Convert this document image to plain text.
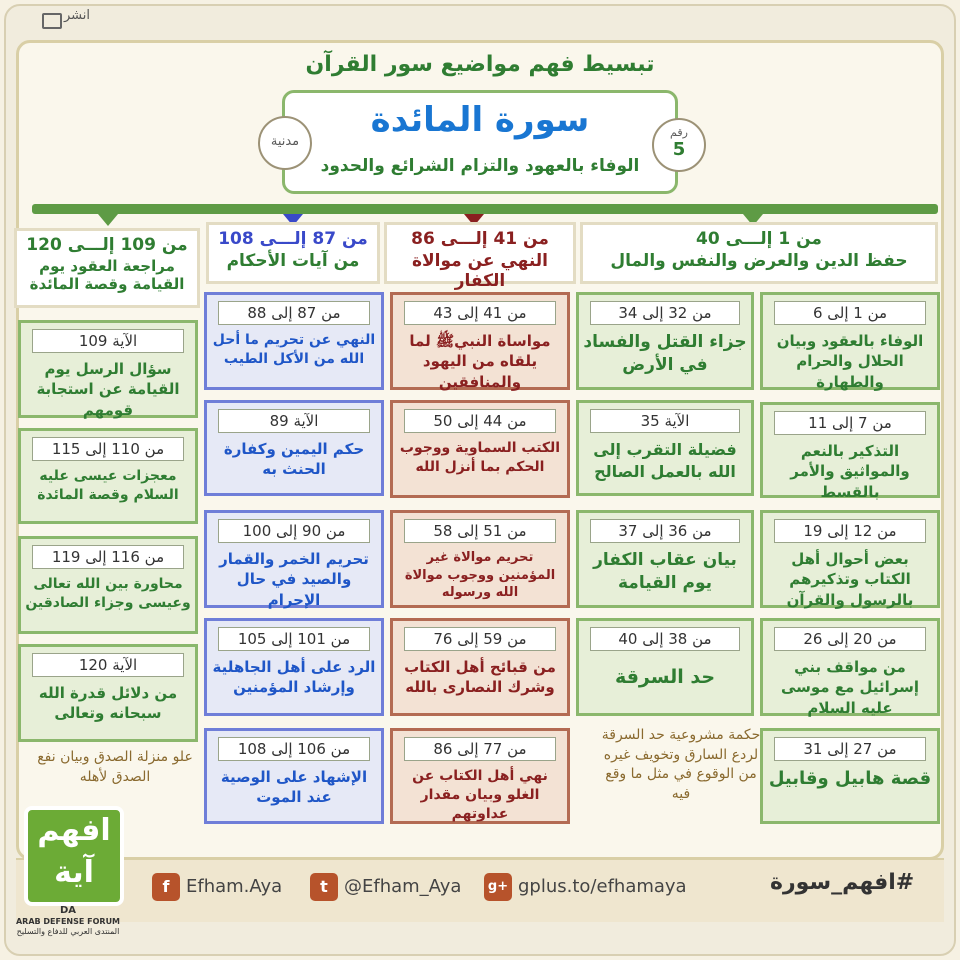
انشر
تبسيط فهم مواضيع سور القرآن
سورة المائدة
الوفاء بالعهود والتزام الشرائع والحدود
رقم
5
مدنية
من 1 إلـــى 40
حفظ الدين والعرض والنفس والمال
من 41 إلـــى 86
النهي عن موالاة الكفار
من 87 إلـــى 108
من آيات الأحكام
من 109 إلـــى 120
مراجعة العقود يوم القيامة وقصة المائدة
من 1 إلى 6
الوفاء بالعقود وبيان الحلال والحرام والطهارة
من 7 إلى 11
التذكير بالنعم والمواثيق والأمر بالقسط
من 12 إلى 19
بعض أحوال أهل الكتاب وتذكيرهم بالرسول والقرآن
من 20 إلى 26
من مواقف بني إسرائيل مع موسى عليه السلام
من 27 إلى 31
قصة هابيل وقابيل
من 32 إلى 34
جزاء القتل والفساد في الأرض
الآية 35
فضيلة التقرب إلى الله بالعمل الصالح
من 36 إلى 37
بيان عقاب الكفار يوم القيامة
من 38 إلى 40
حد السرقة
حكمة مشروعية حد السرقة لردع السارق وتخويف غيره من الوقوع في مثل ما وقع فيه
من 41 إلى 43
مواساة النبيﷺ لما يلقاه من اليهود والمنافقين
من 44 إلى 50
الكتب السماوية ووجوب الحكم بما أنزل الله
من 51 إلى 58
تحريم موالاة غير المؤمنين ووجوب موالاة الله ورسوله
من 59 إلى 76
من قبائح أهل الكتاب وشرك النصارى بالله
من 77 إلى 86
نهي أهل الكتاب عن الغلو وبيان مقدار عداوتهم
من 87 إلى 88
النهي عن تحريم ما أحل الله من الأكل الطيب
الآية 89
حكم اليمين وكفارة الحنث به
من 90 إلى 100
تحريم الخمر والقمار والصيد في حال الإحرام
من 101 إلى 105
الرد على أهل الجاهلية وإرشاد المؤمنين
من 106 إلى 108
الإشهاد على الوصية عند الموت
الآية 109
سؤال الرسل يوم القيامة عن استجابة قومهم
من 110 إلى 115
معجزات عيسى عليه السلام وقصة المائدة
من 116 إلى 119
محاورة بين الله تعالى وعيسى وجزاء الصادقين
الآية 120
من دلائل قدرة الله سبحانه وتعالى
علو منزلة الصدق وبيان نفع الصدق لأهله
f Efham.Aya	t @Efham_Aya g+ gplus.to/efhamaya	#افهم_سورة
افهم آية
DA
ARAB DEFENSE FORUM
المنتدى العربي للدفاع والتسليح
